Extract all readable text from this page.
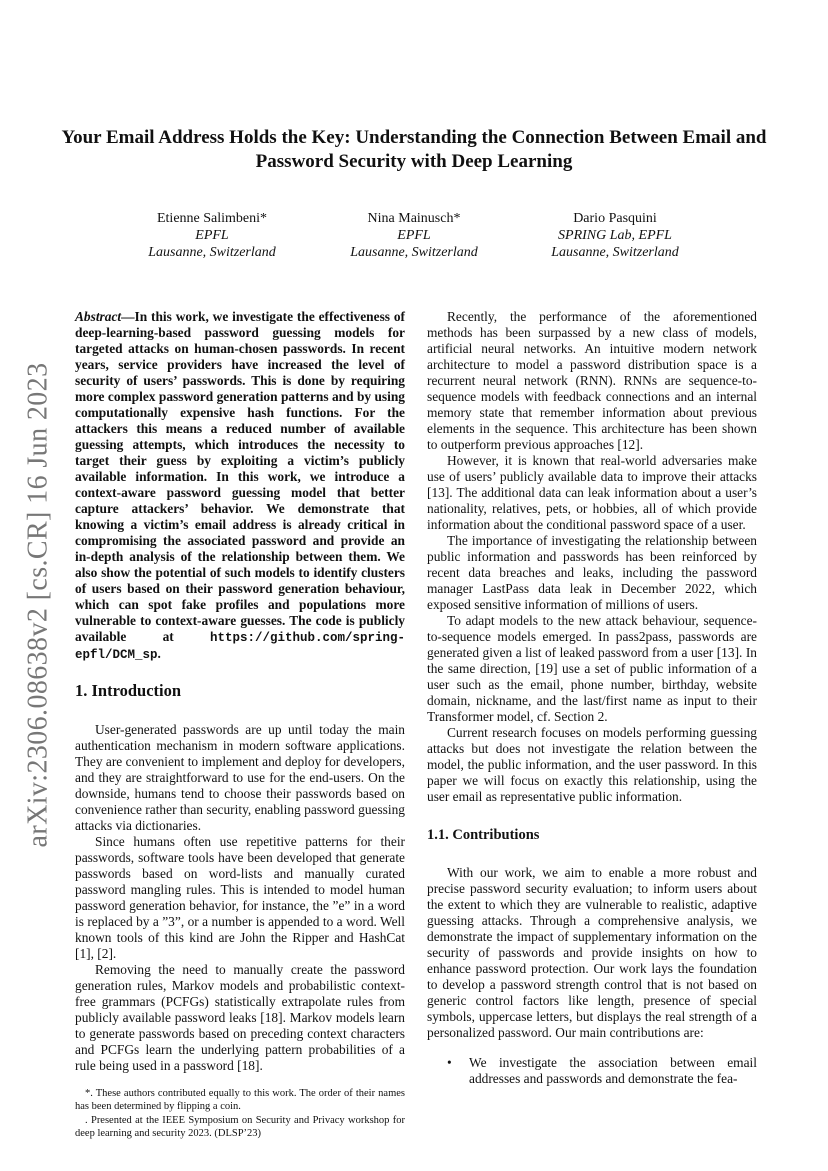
arXiv:2306.08638v2 [cs.CR] 16 Jun 2023
Your Email Address Holds the Key: Understanding the Connection Between Email and Password Security with Deep Learning
Etienne Salimbeni*
EPFL
Lausanne, Switzerland
Nina Mainusch*
EPFL
Lausanne, Switzerland
Dario Pasquini
SPRING Lab, EPFL
Lausanne, Switzerland

Abstract—In this work, we investigate the effectiveness of deep-learning-based password guessing models for targeted attacks on human-chosen passwords. In recent years, service providers have increased the level of security of users’ passwords. This is done by requiring more complex password generation patterns and by using computationally expensive hash functions. For the attackers this means a reduced number of available guessing attempts, which introduces the necessity to target their guess by exploiting a victim’s publicly available information. In this work, we introduce a context-aware password guessing model that better capture attackers’ behavior. We demonstrate that knowing a victim’s email address is already critical in compromising the associated password and provide an in-depth analysis of the relationship between them. We also show the potential of such models to identify clusters of users based on their password generation behaviour, which can spot fake profiles and populations more vulnerable to context-aware guesses. The code is publicly available at https://github.com/spring-epfl/DCM_sp.

1. Introduction

User-generated passwords are up until today the main authentication mechanism in modern software applications. They are convenient to implement and deploy for developers, and they are straightforward to use for the end-users. On the downside, humans tend to choose their passwords based on convenience rather than security, enabling password guessing attacks via dictionaries.

Since humans often use repetitive patterns for their passwords, software tools have been developed that generate passwords based on word-lists and manually curated password mangling rules. This is intended to model human password generation behavior, for instance, the ”e” in a word is replaced by a ”3”, or a number is appended to a word. Well known tools of this kind are John the Ripper and HashCat [1], [2].

Removing the need to manually create the password generation rules, Markov models and probabilistic context-free grammars (PCFGs) statistically extrapolate rules from publicly available password leaks [18]. Markov models learn to generate passwords based on preceding context characters and PCFGs learn the underlying pattern probabilities of a rule being used in a password [18].

*. These authors contributed equally to this work. The order of their names has been determined by flipping a coin.

. Presented at the IEEE Symposium on Security and Privacy workshop for deep learning and security 2023. (DLSP’23)

Recently, the performance of the aforementioned methods has been surpassed by a new class of models, artificial neural networks. An intuitive modern network architecture to model a password distribution space is a recurrent neural network (RNN). RNNs are sequence-to-sequence models with feedback connections and an internal memory state that remember information about previous elements in the sequence. This architecture has been shown to outperform previous approaches [12].

However, it is known that real-world adversaries make use of users’ publicly available data to improve their attacks [13]. The additional data can leak information about a user’s nationality, relatives, pets, or hobbies, all of which provide information about the conditional password space of a user.

The importance of investigating the relationship between public information and passwords has been reinforced by recent data breaches and leaks, including the password manager LastPass data leak in December 2022, which exposed sensitive information of millions of users.

To adapt models to the new attack behaviour, sequence-to-sequence models emerged. In pass2pass, passwords are generated given a list of leaked password from a user [13]. In the same direction, [19] use a set of public information of a user such as the email, phone number, birthday, website domain, nickname, and the last/first name as input to their Transformer model, cf. Section 2.

Current research focuses on models performing guessing attacks but does not investigate the relation between the model, the public information, and the user password. In this paper we will focus on exactly this relationship, using the user email as representative public information.

1.1. Contributions

With our work, we aim to enable a more robust and precise password security evaluation; to inform users about the extent to which they are vulnerable to realistic, adaptive guessing attacks. Through a comprehensive analysis, we demonstrate the impact of supplementary information on the security of passwords and provide insights on how to enhance password protection. Our work lays the foundation to develop a password strength control that is not based on generic control factors like length, presence of special symbols, uppercase letters, but displays the real strength of a personalized password. Our main contributions are:

• We investigate the association between email addresses and passwords and demonstrate the fea-
